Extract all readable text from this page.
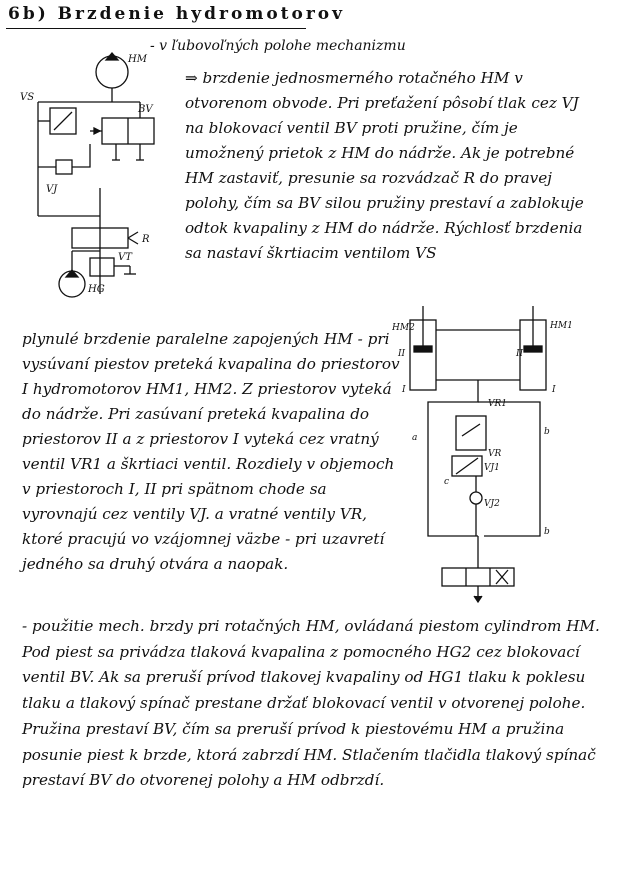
6b) Brzdenie hydromotorov
- v ľubovoľných polohe mechanizmu
HM
VS
BV
VJ
R
VT
HG
⇒ brzdenie jednosmerného rotačného HM v otvorenom obvode. Pri preťažení pôsobí tlak cez VJ na blokovací ventil BV proti pružine, čím je umožnený prietok z HM do nádrže. Ak je potrebné HM zastaviť, presunie sa rozvádzač R do pravej polohy, čím sa BV silou pružiny prestaví a zablokuje odtok kvapaliny z HM do nádrže. Rýchlosť brzdenia sa nastaví škrtiacim ventilom VS
HM2	HM1
II	II
I	I
VR1
VJ1
VJ2
VR
a
b
b
c
plynulé brzdenie paralelne zapojených HM - pri vysúvaní piestov preteká kvapalina do priestorov I hydromotorov HM1, HM2. Z priestorov vyteká do nádrže. Pri zasúvaní preteká kvapalina do priestorov II a z priestorov I vyteká cez vratný ventil VR1 a škrtiaci ventil. Rozdiely v objemoch v priestoroch I, II pri spätnom chode sa vyrovnajú cez ventily VJ. a vratné ventily VR, ktoré pracujú vo vzájomnej väzbe - pri uzavretí jedného sa druhý otvára a naopak.
- použitie mech. brzdy pri rotačných HM, ovládaná piestom cylindrom HM. Pod piest sa privádza tlaková kvapalina z pomocného HG2 cez blokovací ventil BV. Ak sa preruší prívod tlakovej kvapaliny od HG1 tlaku k poklesu tlaku a tlakový spínač prestane držať blokovací ventil v otvorenej polohe. Pružina prestaví BV, čím sa preruší prívod k piestovému HM a pružina posunie piest k brzde, ktorá zabrzdí HM. Stlačením tlačidla tlakový spínač prestaví BV do otvorenej polohy a HM odbrzdí.
